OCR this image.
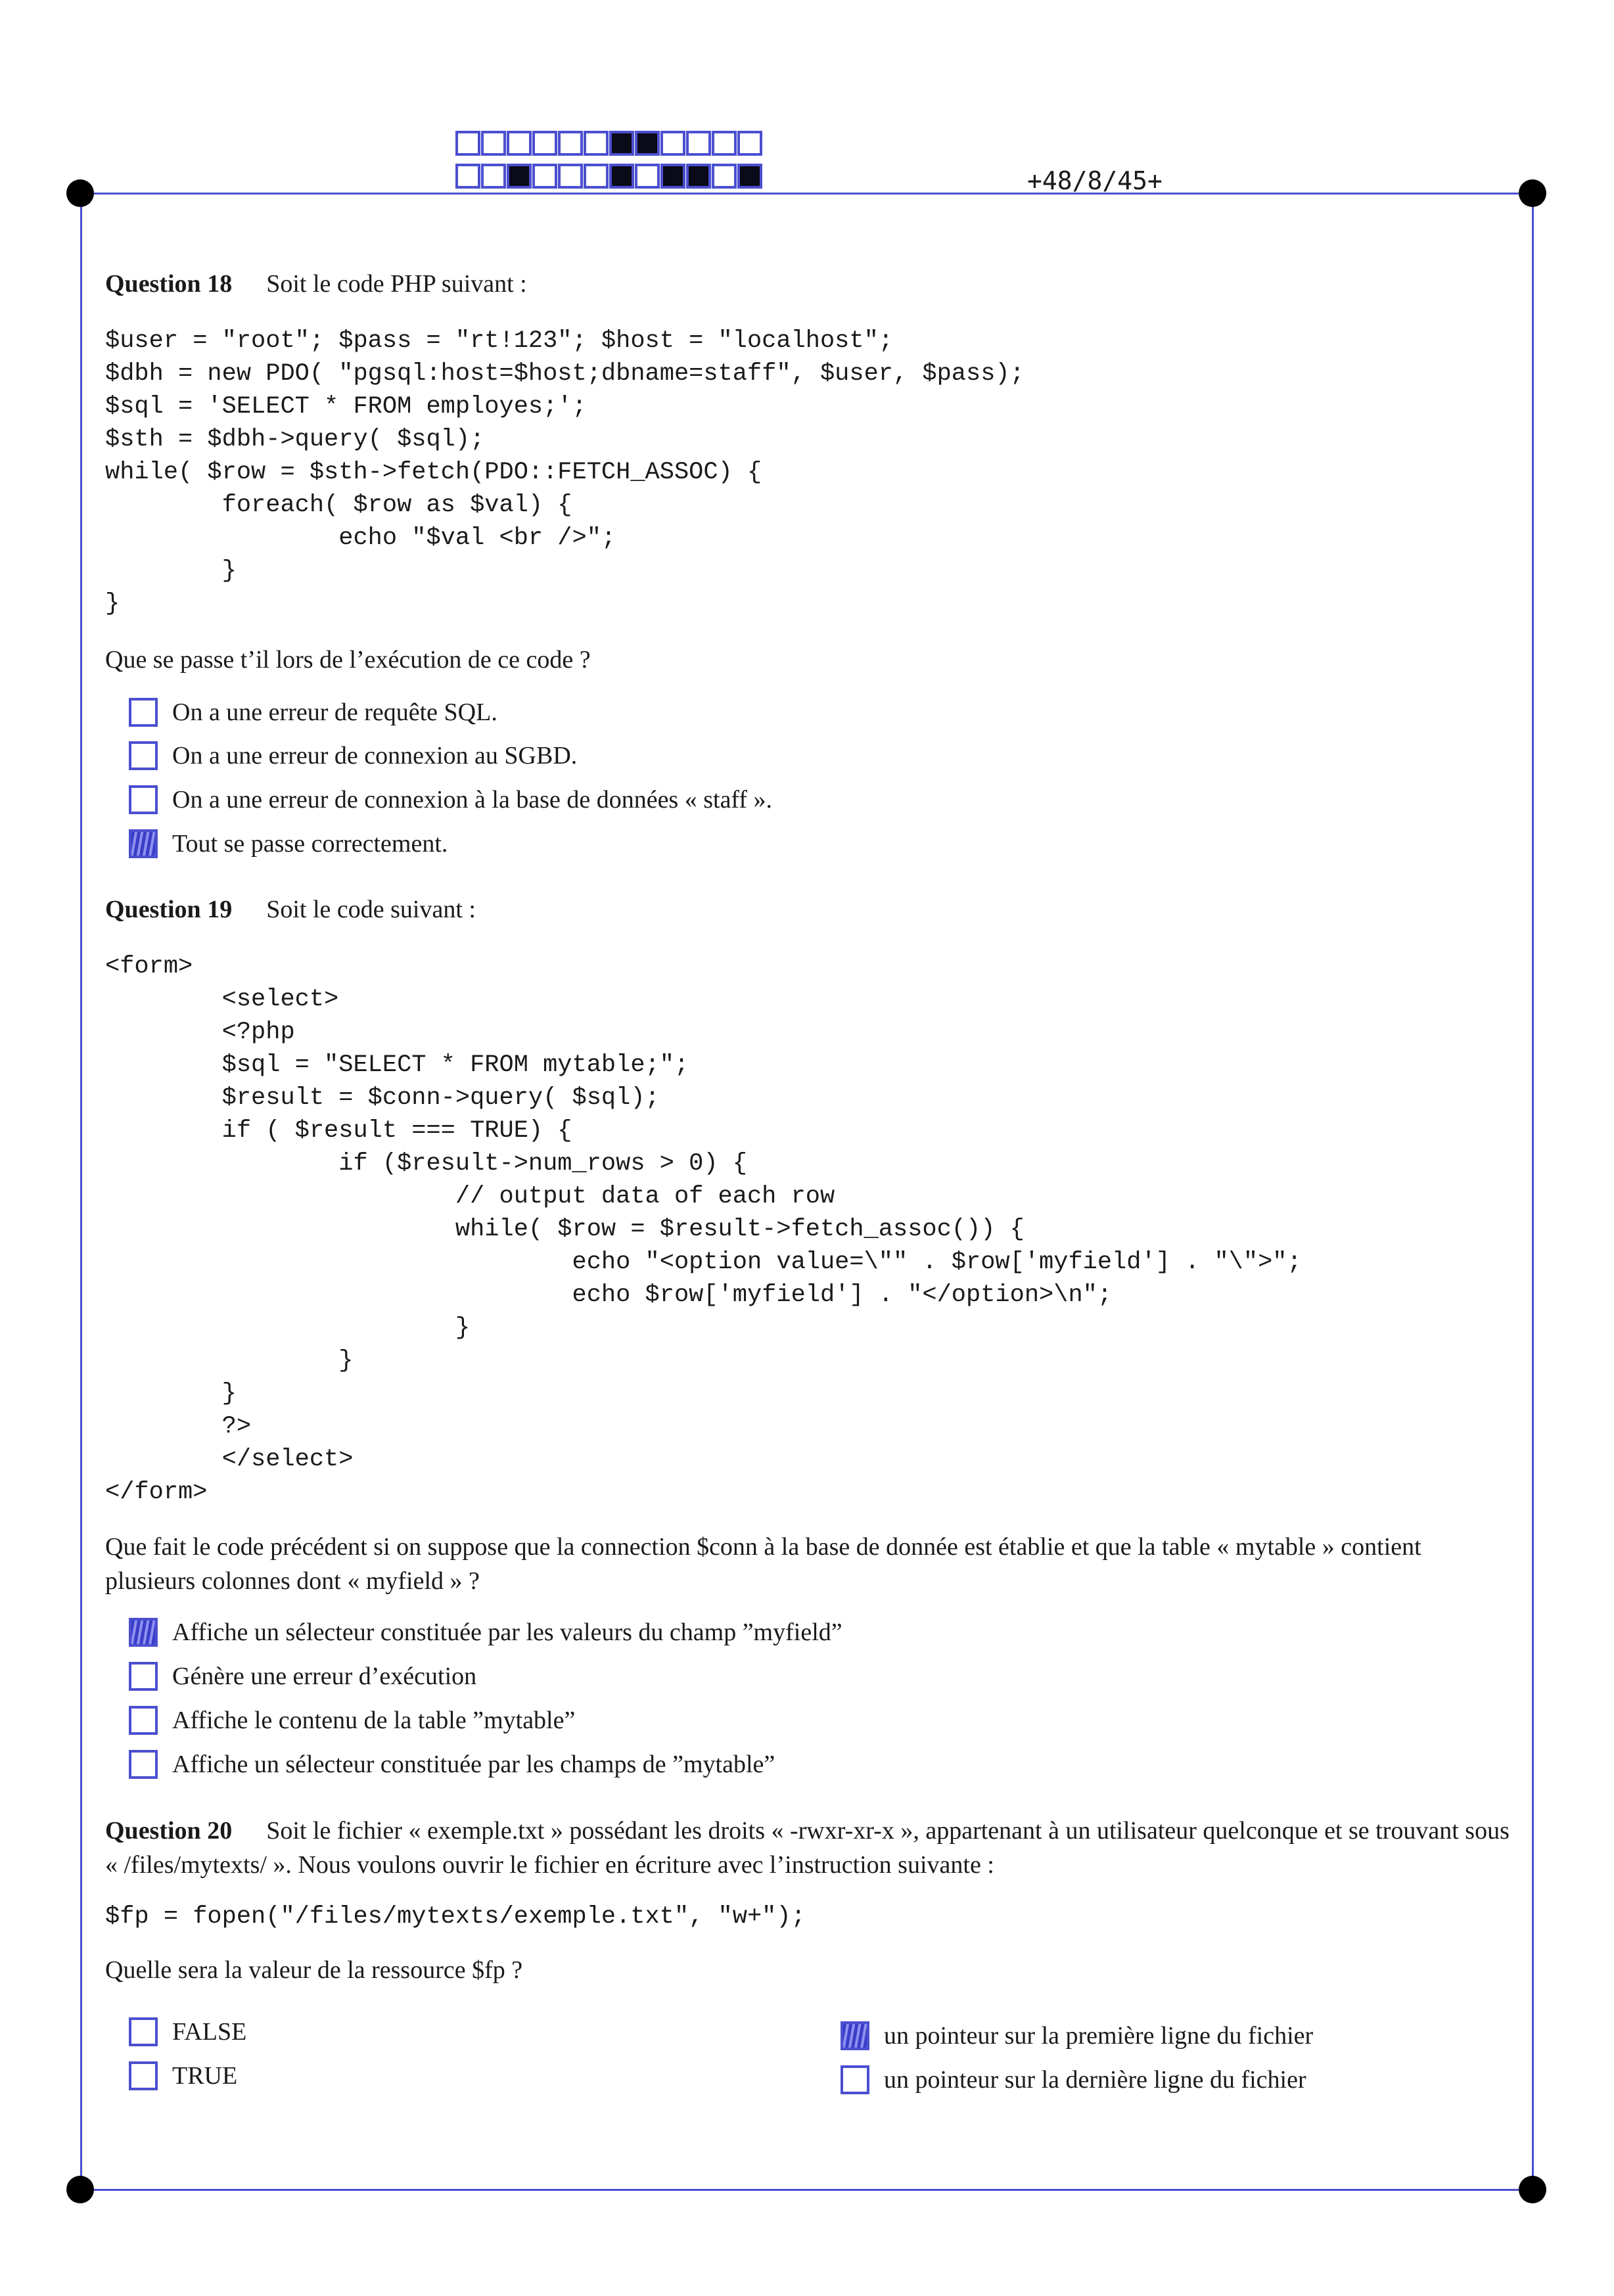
+48/8/45+
Question 18 Soit le code PHP suivant :
$user = "root"; $pass = "rt!123"; $host = "localhost";
$dbh = new PDO( "pgsql:host=$host;dbname=staff", $user, $pass);
$sql = 'SELECT * FROM employes;';
$sth = $dbh->query( $sql);
while( $row = $sth->fetch(PDO::FETCH_ASSOC) {
foreach( $row as $val) {
echo "$val <br />";
}
}
Que se passe t’il lors de l’exécution de ce code ?
On a une erreur de requête SQL.
On a une erreur de connexion au SGBD.
On a une erreur de connexion à la base de données « staff ».
Tout se passe correctement.
Question 19 Soit le code suivant :
<form>
<select>
<?php
$sql = "SELECT * FROM mytable;";
$result = $conn->query( $sql);
if ( $result === TRUE) {
if ($result->num_rows > 0) {
// output data of each row
while( $row = $result->fetch_assoc()) {
echo "<option value=\"" . $row['myfield'] . "\">";
echo $row['myfield'] . "</option>\n";
}
}
}
?>
</select>
</form>
Que fait le code précédent si on suppose que la connection $conn à la base de donnée est établie et que la table « mytable » contient plusieurs colonnes dont « myfield » ?
Affiche un sélecteur constituée par les valeurs du champ ”myfield”
Génère une erreur d’exécution
Affiche le contenu de la table ”mytable”
Affiche un sélecteur constituée par les champs de ”mytable”
Question 20 Soit le fichier « exemple.txt » possédant les droits « -rwxr-xr-x », appartenant à un utilisateur quelconque et se trouvant sous « /files/mytexts/ ». Nous voulons ouvrir le fichier en écriture avec l’instruction suivante :
$fp = fopen("/files/mytexts/exemple.txt", "w+");
Quelle sera la valeur de la ressource $fp ?
FALSE
TRUE
un pointeur sur la première ligne du fichier
un pointeur sur la dernière ligne du fichier
